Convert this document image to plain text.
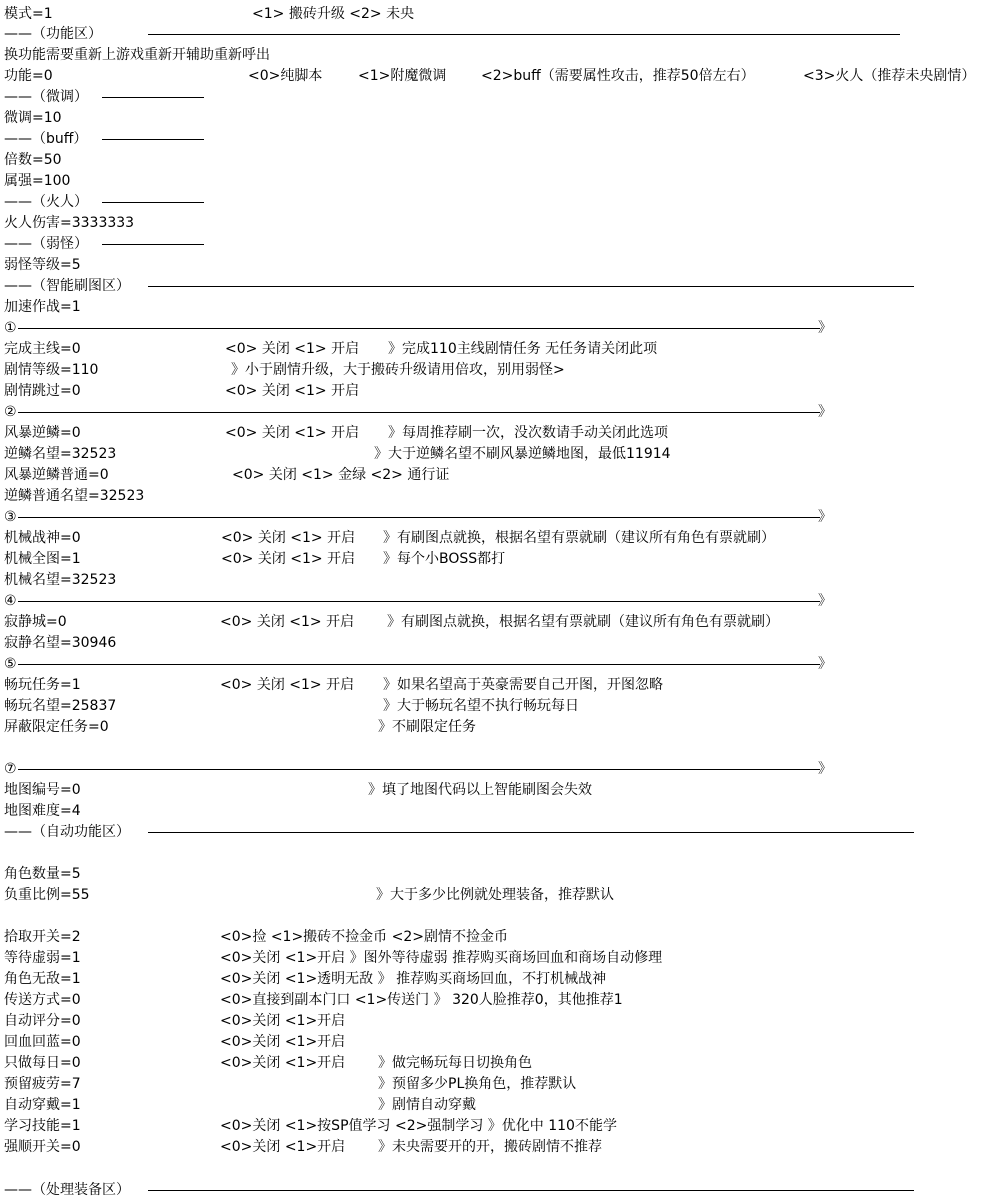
模式=1	<1> 搬砖升级 <2> 未央
——（功能区）
换功能需要重新上游戏重新开辅助重新呼出
功能=0	<0>纯脚本	<1>附魔微调 <2>buff（需要属性攻击，推荐50倍左右）	<3>火人（推荐未央剧情）
——（微调）
微调=10
——（buff）
倍数=50
属强=100
——（火人）
火人伤害=3333333
——（弱怪）
弱怪等级=5
——（智能刷图区）
加速作战=1
①	》
完成主线=0	<0> 关闭 <1> 开启 》完成110主线剧情任务 无任务请关闭此项
剧情等级=110	》小于剧情升级，大于搬砖升级请用倍攻，别用弱怪>
剧情跳过=0	<0> 关闭 <1> 开启
②	》
风暴逆鳞=0	<0> 关闭 <1> 开启 》每周推荐刷一次，没次数请手动关闭此选项
逆鳞名望=32523	》大于逆鳞名望不刷风暴逆鳞地图，最低11914
风暴逆鳞普通=0	<0> 关闭 <1> 金绿 <2> 通行证
逆鳞普通名望=32523
③	》
机械战神=0	<0> 关闭 <1> 开启 》有刷图点就换，根据名望有票就刷（建议所有角色有票就刷）
机械全图=1	<0> 关闭 <1> 开启 》每个小BOSS都打
机械名望=32523
④	》
寂静城=0	<0> 关闭 <1> 开启 》有刷图点就换，根据名望有票就刷（建议所有角色有票就刷）
寂静名望=30946
⑤	》
畅玩任务=1	<0> 关闭 <1> 开启 》如果名望高于英豪需要自己开图，开图忽略
畅玩名望=25837	》大于畅玩名望不执行畅玩每日
屏蔽限定任务=0	》不刷限定任务
⑦	》
地图编号=0	》填了地图代码以上智能刷图会失效
地图难度=4
——（自动功能区）
角色数量=5
负重比例=55	》大于多少比例就处理装备，推荐默认
拾取开关=2	<0>捡 <1>搬砖不捡金币 <2>剧情不捡金币
等待虚弱=1	<0>关闭 <1>开启 》图外等待虚弱 推荐购买商场回血和商场自动修理
角色无敌=1	<0>关闭 <1>透明无敌 》 推荐购买商场回血，不打机械战神
传送方式=0	<0>直接到副本门口 <1>传送门 》 320人脸推荐0，其他推荐1
自动评分=0	<0>关闭 <1>开启
回血回蓝=0	<0>关闭 <1>开启
只做每日=0	<0>关闭 <1>开启 》做完畅玩每日切换角色
预留疲劳=7	》预留多少PL换角色，推荐默认
自动穿戴=1	》剧情自动穿戴
学习技能=1	<0>关闭 <1>按SP值学习 <2>强制学习 》优化中 110不能学
强顺开关=0	<0>关闭 <1>开启 》未央需要开的开，搬砖剧情不推荐
——（处理装备区）
